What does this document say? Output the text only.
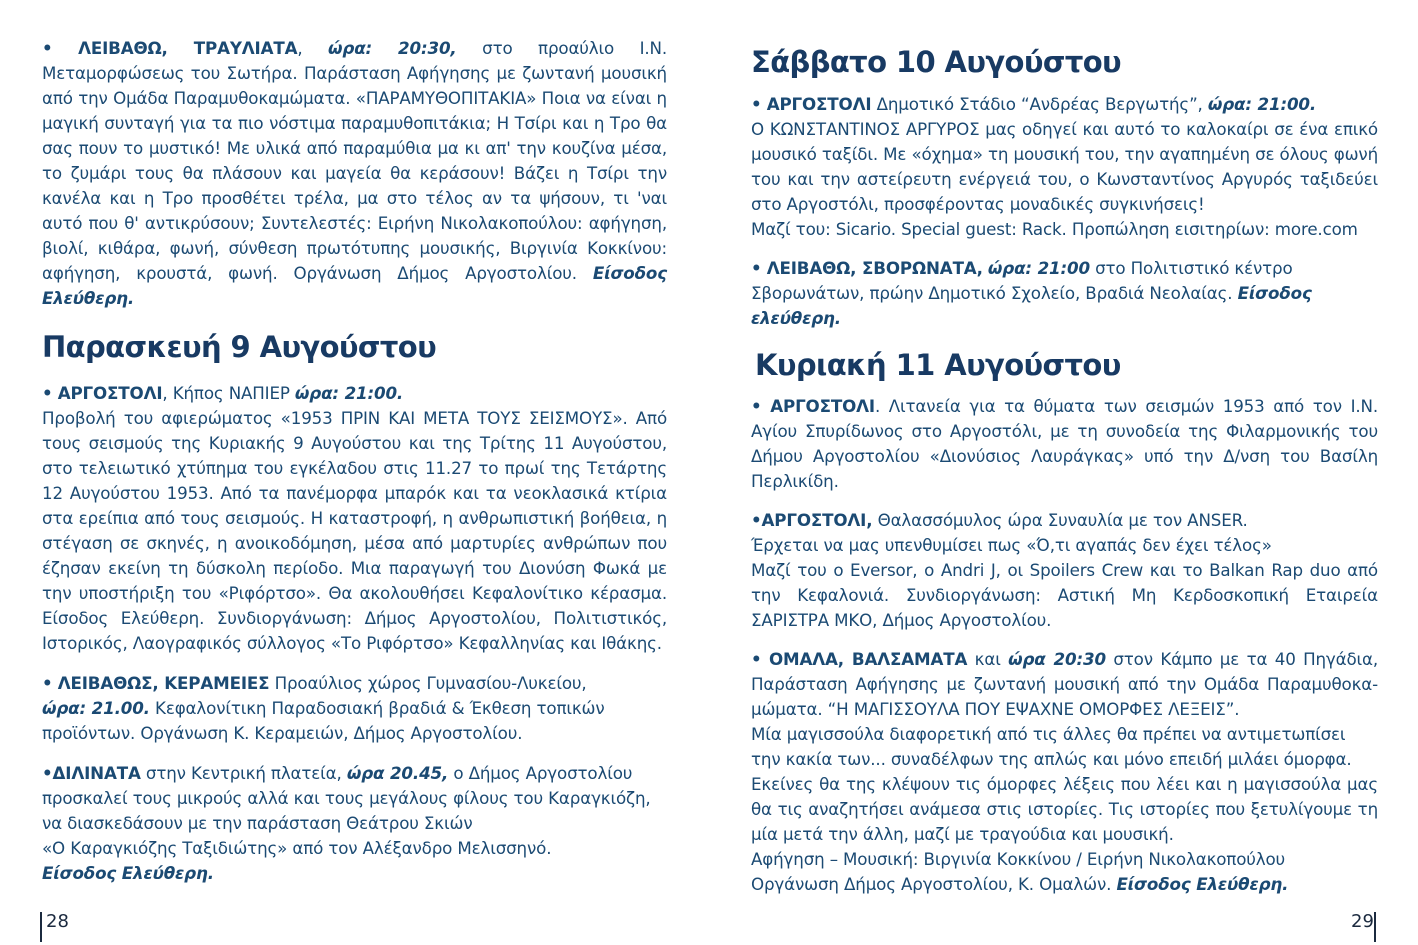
• ΛΕΙΒΑΘΩ, ΤΡΑΥΛΙΑΤΑ, ώρα: 20:30, στο προαύλιο Ι.Ν. Μεταμορφώσεως του Σωτήρα. Παράσταση Αφήγησης με ζωντανή μουσική από την Ομάδα Παραμυθοκαμώματα. «ΠΑΡΑΜΥΘΟΠΙΤΑΚΙΑ» Ποια να είναι η μαγική συνταγή για τα πιο νόστιμα παραμυθοπιτάκια; Η Τσίρι και η Τρο θα σας πουν το μυστικό! Με υλικά από παραμύθια μα κι απ' την κουζίνα μέσα, το ζυμάρι τους θα πλάσουν και μαγεία θα κεράσουν! Βάζει η Τσίρι την κανέλα και η Τρο προσθέτει τρέλα, μα στο τέλος αν τα ψήσουν, τι 'ναι αυτό που θ' αντικρύσουν; Συντελεστές: Ειρήνη Νικολακοπούλου: αφήγηση, βιολί, κιθάρα, φωνή, σύνθεση πρωτότυπης μουσικής, Βιργινία Κοκκίνου: αφήγηση, κρουστά, φωνή. Οργάνωση Δήμος Αργοστολίου. Είσοδος Ελεύθερη.

Παρασκευή 9 Αυγούστου

• ΑΡΓΟΣΤΟΛΙ, Κήπος ΝΑΠΙΕΡ ώρα: 21:00.

Προβολή του αφιερώματος «1953 ΠΡΙΝ ΚΑΙ ΜΕΤΑ ΤΟΥΣ ΣΕΙΣΜΟΥΣ». Από τους σεισμούς της Κυριακής 9 Αυγούστου και της Τρίτης 11 Αυγούστου, στο τελειωτικό χτύπημα του εγκέλαδου στις 11.27 το πρωί της Τετάρτης 12 Αυγούστου 1953. Από τα πανέμορφα μπαρόκ και τα νεοκλασικά κτίρια στα ερείπια από τους σεισμούς. Η καταστροφή, η ανθρωπιστική βοήθεια, η στέγαση σε σκηνές, η ανοικοδόμηση, μέσα από μαρτυρίες ανθρώπων που έζησαν εκείνη τη δύσκολη περίοδο. Μια παραγωγή του Διονύση Φωκά με την υποστήριξη του «Ριφόρτσο». Θα ακολουθήσει Κεφαλονίτικο κέρασμα. Είσοδος Ελεύθερη. Συνδιοργάνωση: Δήμος Αργοστολίου, Πολιτιστικός, Ιστορικός, Λαογραφικός σύλλογος «Το Ριφόρτσο» Κεφαλληνίας και Ιθάκης.

• ΛΕΙΒΑΘΩΣ, ΚΕΡΑΜΕΙΕΣ Προαύλιος χώρος Γυμνασίου-Λυκείου,
ώρα: 21.00. Κεφαλονίτικη Παραδοσιακή βραδιά & Έκθεση τοπικών προϊόντων. Οργάνωση Κ. Κεραμειών, Δήμος Αργοστολίου.

•ΔΙΛΙΝΑΤΑ στην Κεντρική πλατεία, ώρα 20.45, ο Δήμος Αργοστολίου
προσκαλεί τους μικρούς αλλά και τους μεγάλους φίλους του Καραγκιόζη,
να διασκεδάσουν με την παράσταση Θεάτρου Σκιών
«Ο Καραγκιόζης Ταξιδιώτης» από τον Αλέξανδρο Μελισσηνό.
Είσοδος Ελεύθερη.

28
Σάββατο 10 Αυγούστου

• ΑΡΓΟΣΤΟΛΙ Δημοτικό Στάδιο “Ανδρέας Βεργωτής”, ώρα: 21:00.

Ο ΚΩΝΣΤΑΝΤΙΝΟΣ ΑΡΓΥΡΟΣ μας οδηγεί και αυτό το καλοκαίρι σε ένα επικό μουσικό ταξίδι. Με «όχημα» τη μουσική του, την αγαπημένη σε όλους φωνή του και την αστείρευτη ενέργειά του, ο Κωνσταντίνος Αργυρός ταξιδεύει στο Αργοστόλι, προσφέροντας μοναδικές συγκινήσεις!

Μαζί του: Sicario. Special guest: Rack. Προπώληση εισιτηρίων: more.com

• ΛΕΙΒΑΘΩ, ΣΒΟΡΩΝΑΤΑ, ώρα: 21:00 στο Πολιτιστικό κέντρο Σβορωνάτων, πρώην Δημοτικό Σχολείο, Βραδιά Νεολαίας. Είσοδος ελεύθερη.

Κυριακή 11 Αυγούστου

• ΑΡΓΟΣΤΟΛΙ. Λιτανεία για τα θύματα των σεισμών 1953 από τον Ι.Ν. Αγίου Σπυρίδωνος στο Αργοστόλι, με τη συνοδεία της Φιλαρμονικής του Δήμου Αργοστολίου «Διονύσιος Λαυράγκας» υπό την Δ/νση του Βασίλη Περλικίδη.

•ΑΡΓΟΣΤΟΛΙ, Θαλασσόμυλος ώρα Συναυλία με τον ANSER.
Έρχεται να μας υπενθυμίσει πως «Ό,τι αγαπάς δεν έχει τέλος»

Μαζί του ο Eversor, ο Andri J, οι Spoilers Crew και το Balkan Rap duo από την Κεφαλονιά. Συνδιοργάνωση: Αστική Μη Κερδοσκοπική Εταιρεία ΣΑΡΙΣΤΡΑ ΜΚΟ, Δήμος Αργοστολίου.

• ΟΜΑΛΑ, ΒΑΛΣΑΜΑΤΑ και ώρα 20:30 στον Κάμπο με τα 40 Πηγάδια, Παράσταση Αφήγησης με ζωντανή μουσική από την Ομάδα Παραμυθοκα-μώματα. “Η ΜΑΓΙΣΣΟΥΛΑ ΠΟΥ ΕΨΑΧΝΕ ΟΜΟΡΦΕΣ ΛΕΞΕΙΣ”.

Μία μαγισσούλα διαφορετική από τις άλλες θα πρέπει να αντιμετωπίσει

την κακία των... συναδέλφων της απλώς και μόνο επειδή μιλάει όμορφα.

Εκείνες θα της κλέψουν τις όμορφες λέξεις που λέει και η μαγισσούλα μας θα τις αναζητήσει ανάμεσα στις ιστορίες. Τις ιστορίες που ξετυλίγουμε τη μία μετά την άλλη, μαζί με τραγούδια και μουσική.

Αφήγηση – Μουσική: Βιργινία Κοκκίνου / Ειρήνη Νικολακοπούλου

Οργάνωση Δήμος Αργοστολίου, Κ. Ομαλών. Είσοδος Ελεύθερη.

29
